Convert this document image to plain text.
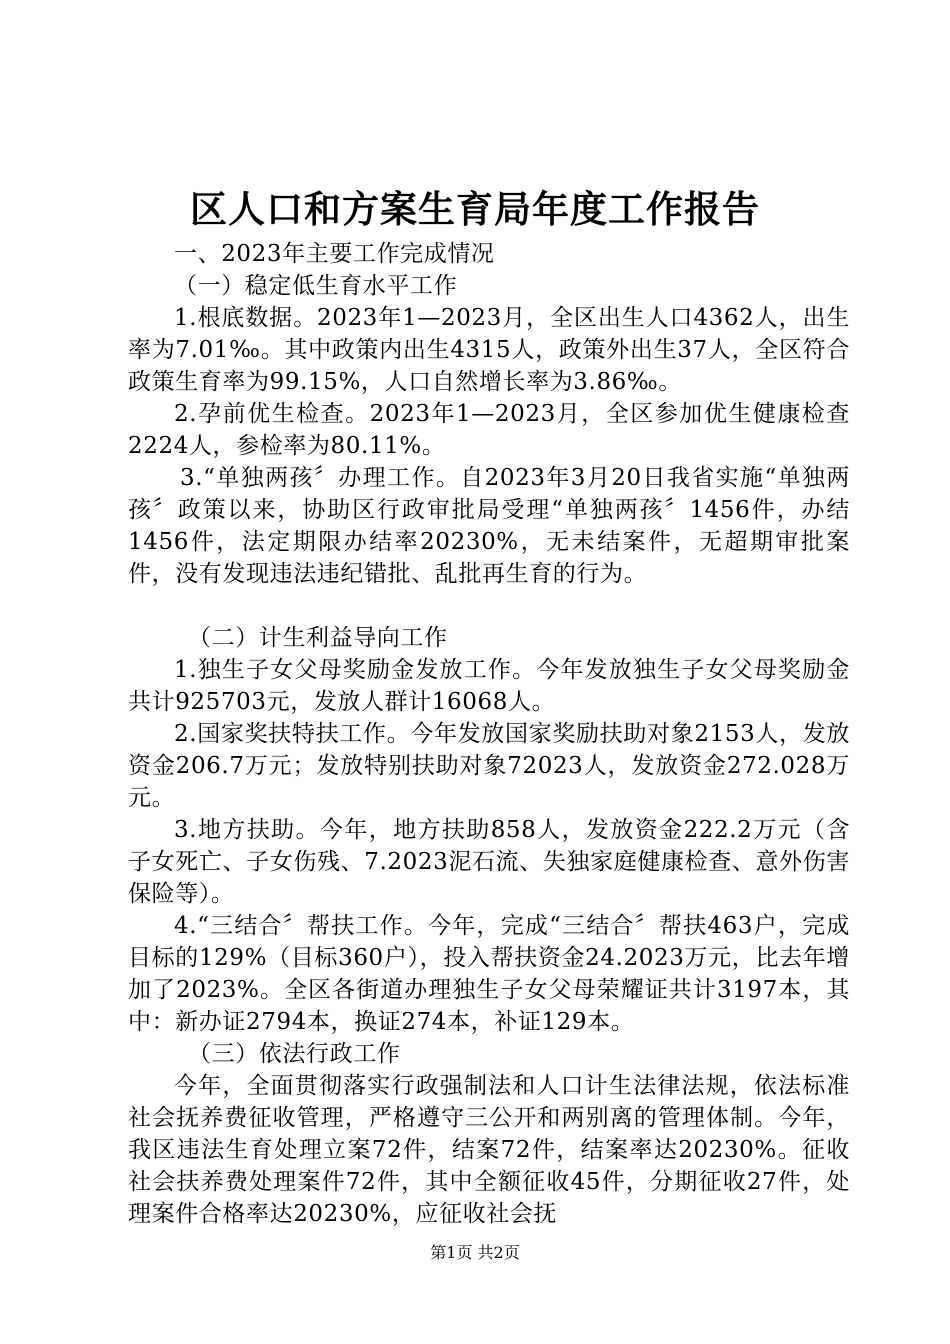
区人口和方案生育局年度工作报告

一、2023年主要工作完成情况

（一）稳定低生育水平工作

1.根底数据。2023年1—2023月，全区出生人口4362人，出生率为7.01‰。其中政策内出生4315人，政策外出生37人，全区符合政策生育率为99.15%，人口自然增长率为3.86‰。

2.孕前优生检查。2023年1—2023月，全区参加优生健康检查2224人，参检率为80.11%。

3.“单独两孩〞办理工作。自2023年3月20日我省实施“单独两孩〞政策以来，协助区行政审批局受理“单独两孩〞1456件，办结1456件，法定期限办结率20230%，无未结案件，无超期审批案件，没有发现违法违纪错批、乱批再生育的行为。

（二）计生利益导向工作

1.独生子女父母奖励金发放工作。今年发放独生子女父母奖励金共计925703元，发放人群计16068人。

2.国家奖扶特扶工作。今年发放国家奖励扶助对象2153人，发放资金206.7万元；发放特别扶助对象72023人，发放资金272.028万元。

3.地方扶助。今年，地方扶助858人，发放资金222.2万元（含子女死亡、子女伤残、7.2023泥石流、失独家庭健康检查、意外伤害保险等）。

4.“三结合〞帮扶工作。今年，完成“三结合〞帮扶463户，完成目标的129%（目标360户），投入帮扶资金24.2023万元，比去年增加了2023%。全区各街道办理独生子女父母荣耀证共计3197本，其中：新办证2794本，换证274本，补证129本。

（三）依法行政工作

今年，全面贯彻落实行政强制法和人口计生法律法规，依法标准社会抚养费征收管理，严格遵守三公开和两别离的管理体制。今年，我区违法生育处理立案72件，结案72件，结案率达20230%。征收社会扶养费处理案件72件，其中全额征收45件，分期征收27件，处理案件合格率达20230%，应征收社会抚

第1页 共2页
